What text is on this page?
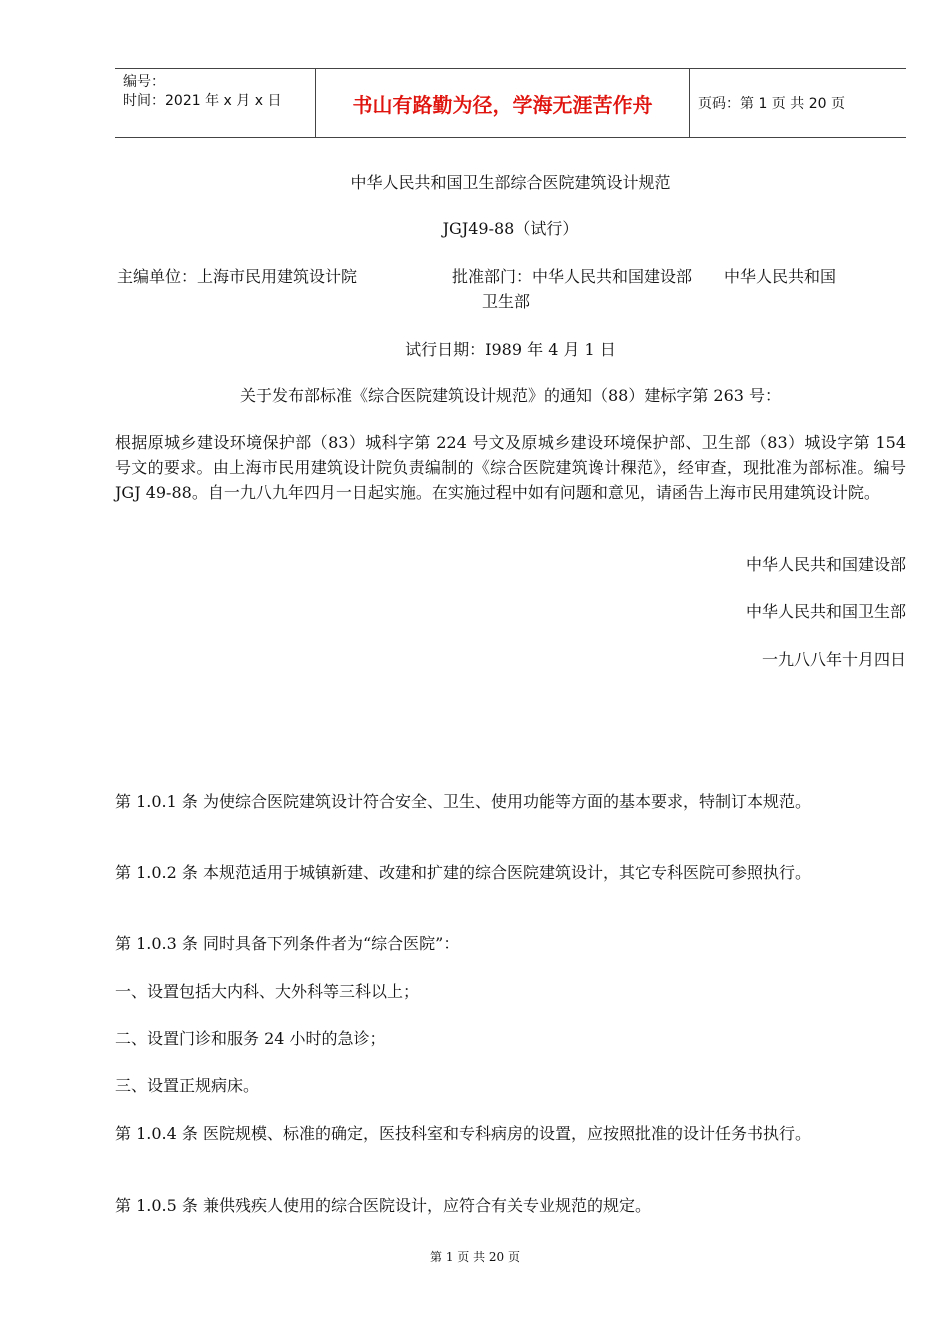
编号：
时间：2021 年 x 月 x 日	书山有路勤为径，学海无涯苦作舟	页码：第 1 页 共 20 页
中华人民共和国卫生部综合医院建筑设计规范
JGJ49-88（试行）
主编单位：上海市民用建筑设计院	批准部门：中华人民共和国建设部　　中华人民共和国
卫生部
试行日期：I989 年 4 月 1 日
关于发布部标准《综合医院建筑设计规范》的通知（88）建标字第 263 号：
根据原城乡建设环境保护部（83）城科字第 224 号文及原城乡建设环境保护部、卫生部（83）城设字第 154 号文的要求。由上海市民用建筑设计院负责编制的《综合医院建筑谗计稞范》，经审查，现批准为部标准。编号 JGJ 49-88。自一九八九年四月一日起实施。在实施过程中如有问题和意见，请函告上海市民用建筑设计院。
中华人民共和国建设部
中华人民共和国卫生部
一九八八年十月四日
第 1.0.1 条 为使综合医院建筑设计符合安全、卫生、使用功能等方面的基本要求，特制订本规范。
第 1.0.2 条 本规范适用于城镇新建、改建和扩建的综合医院建筑设计，其它专科医院可参照执行。
第 1.0.3 条 同时具备下列条件者为“综合医院”：
一、设置包括大内科、大外科等三科以上；
二、设置门诊和服务 24 小时的急诊；
三、设置正规病床。
第 1.0.4 条 医院规模、标准的确定，医技科室和专科病房的设置，应按照批准的设计任务书执行。
第 1.0.5 条 兼供残疾人使用的综合医院设计，应符合有关专业规范的规定。
第 1 页 共 20 页
